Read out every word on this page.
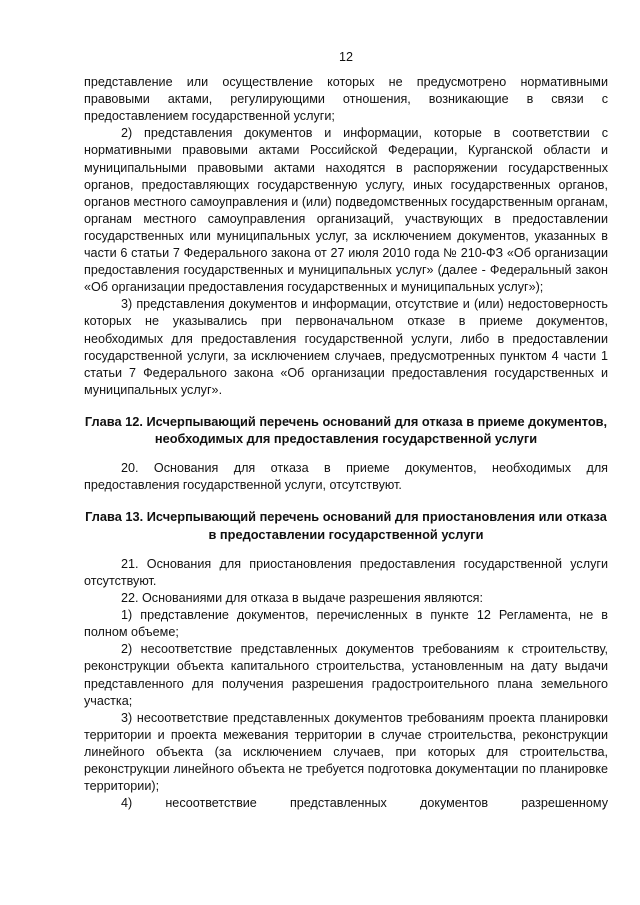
12

представление или осуществление которых не предусмотрено нормативными правовыми актами, регулирующими отношения, возникающие в связи с предоставлением государственной услуги;

2) представления документов и информации, которые в соответствии с нормативными правовыми актами Российской Федерации, Курганской области и муниципальными правовыми актами находятся в распоряжении государственных органов, предоставляющих государственную услугу, иных государственных органов, органов местного самоуправления и (или) подведомственных государственным органам, органам местного самоуправления организаций, участвующих в предоставлении государственных или муниципальных услуг, за исключением документов, указанных в части 6 статьи 7 Федерального закона от 27 июля 2010 года № 210-ФЗ «Об организации предоставления государственных и муниципальных услуг» (далее - Федеральный закон «Об организации предоставления государственных и муниципальных услуг»);

3) представления документов и информации, отсутствие и (или) недостоверность которых не указывались при первоначальном отказе в приеме документов, необходимых для предоставления государственной услуги, либо в предоставлении государственной услуги, за исключением случаев, предусмотренных пунктом 4 части 1 статьи 7 Федерального закона «Об организации предоставления государственных и муниципальных услуг».

Глава 12. Исчерпывающий перечень оснований для отказа в приеме документов, необходимых для предоставления государственной услуги

20. Основания для отказа в приеме документов, необходимых для предоставления государственной услуги, отсутствуют.

Глава 13. Исчерпывающий перечень оснований для приостановления или отказа в предоставлении государственной услуги

21. Основания для приостановления предоставления государственной услуги отсутствуют.

22. Основаниями для отказа в выдаче разрешения являются:

1) представление документов, перечисленных в пункте 12 Регламента, не в полном объеме;

2) несоответствие представленных документов требованиям к строительству, реконструкции объекта капитального строительства, установленным на дату выдачи представленного для получения разрешения градостроительного плана земельного участка;

3) несоответствие представленных документов требованиям проекта планировки территории и проекта межевания территории в случае строительства, реконструкции линейного объекта (за исключением случаев, при которых для строительства, реконструкции линейного объекта не требуется подготовка документации по планировке территории);

4) несоответствие представленных документов разрешенному
